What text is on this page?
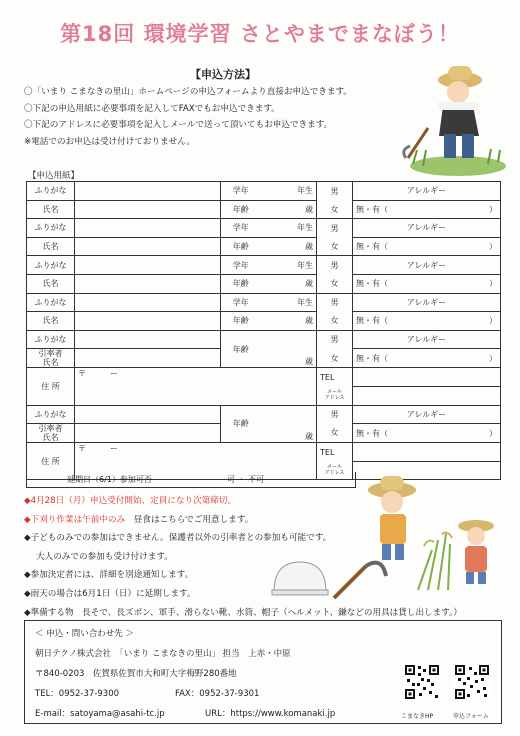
第18回 環境学習 さとやまでまなぼう！
【申込方法】
〇「いまり こまなきの里山」ホームページの申込フォームより直接お申込できます。
〇下記の申込用紙に必要事項を記入してFAXでもお申込できます。
〇下記のアドレスに必要事項を記入しメールで送って頂いてもお申込できます。
※電話でのお申込は受け付けておりません。
【申込用紙】
ふりがな		学年	年生	男	アレルギー
氏名		年齢	歳	女	無・有（ ）

ふりがな		学年	年生	男	アレルギー
氏名		年齢	歳	女	無・有（ ）

ふりがな		学年	年生	男	アレルギー
氏名		年齢	歳	女	無・有（ ）

ふりがな		学年	年生	男	アレルギー
氏名		年齢	歳	女	無・有（ ）

ふりがな		年齢	歳	男	アレルギー
引率者
氏名				女	無・有（ ）

住 所	〒　　　 ー			TEL	
				メール
アドレス	
ふりがな		年齢	歳	男	アレルギー
引率者
氏名				女	無・有（ ）

住 所	〒　　　 ー			TEL	
				メール
アドレス	
延期日（6/1）参加可否	可 ・ 不可
◆4月28日（月）申込受付開始、定員になり次第締切。
◆下刈り作業は午前中のみ　 昼食はこちらでご用意します。
◆子どものみでの参加はできません。保護者以外の引率者との参加も可能です。
大人のみでの参加も受け付けます。
◆参加決定者には、詳細を別途通知します。
◆雨天の場合は6月1日（日）に延期します。
◆準備する物　長そで、長ズボン、軍手、滑らない靴、水筒、帽子（ヘルメット、鎌などの用具は貸し出します。）
＜ 申込・問い合わせ先 ＞
朝日テクノ株式会社　「いまり こまなきの里山」 担当　上赤・中原
〒840-0203　佐賀県佐賀市大和町大字梅野280番地
TEL：0952-37-9300	FAX：0952-37-9301
E-mail：satoyama@asahi-tc.jp	URL：https://www.komanaki.jp	こまなきHP	申込フォーム
